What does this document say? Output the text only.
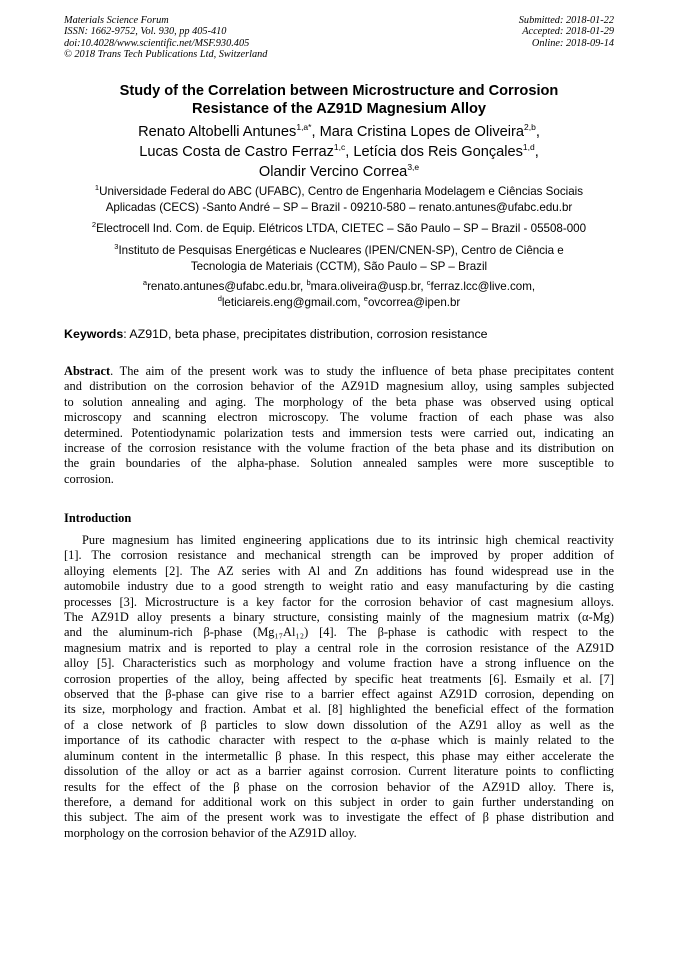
Materials Science Forum
ISSN: 1662-9752, Vol. 930, pp 405-410
doi:10.4028/www.scientific.net/MSF.930.405
© 2018 Trans Tech Publications Ltd, Switzerland
Submitted: 2018-01-22
Accepted: 2018-01-29
Online: 2018-09-14
Study of the Correlation between Microstructure and Corrosion
Resistance of the AZ91D Magnesium Alloy
Renato Altobelli Antunes$^{1,a*}$, Mara Cristina Lopes de Oliveira$^{2,b}$,
Lucas Costa de Castro Ferraz$^{1,c}$, Letícia dos Reis Gonçales$^{1,d}$,
Olandir Vercino Correa$^{3,e}$
$^1$Universidade Federal do ABC (UFABC), Centro de Engenharia Modelagem e Ciências Sociais
Aplicadas (CECS) -Santo André – SP – Brazil - 09210-580 – renato.antunes@ufabc.edu.br
$^2$Electrocell Ind. Com. de Equip. Elétricos LTDA, CIETEC – São Paulo – SP – Brazil - 05508-000
$^3$Instituto de Pesquisas Energéticas e Nucleares (IPEN/CNEN-SP), Centro de Ciência e
Tecnologia de Materiais (CCTM), São Paulo – SP – Brazil
$^a$renato.antunes@ufabc.edu.br, $^b$mara.oliveira@usp.br, $^c$ferraz.lcc@live.com,
$^d$leticiareis.eng@gmail.com, $^e$ovcorrea@ipen.br
Keywords: AZ91D, beta phase, precipitates distribution, corrosion resistance
Abstract. The aim of the present work was to study the influence of beta phase precipitates content
and distribution on the corrosion behavior of the AZ91D magnesium alloy, using samples subjected
to solution annealing and aging. The morphology of the beta phase was observed using optical
microscopy and scanning electron microscopy. The volume fraction of each phase was also
determined. Potentiodynamic polarization tests and immersion tests were carried out, indicating an
increase of the corrosion resistance with the volume fraction of the beta phase and its distribution on
the grain boundaries of the alpha-phase. Solution annealed samples were more susceptible to
corrosion.
Introduction
Pure magnesium has limited engineering applications due to its intrinsic high chemical reactivity
[1]. The corrosion resistance and mechanical strength can be improved by proper addition of
alloying elements [2]. The AZ series with Al and Zn additions has found widespread use in the
automobile industry due to a good strength to weight ratio and easy manufacturing by die casting
processes [3]. Microstructure is a key factor for the corrosion behavior of cast magnesium alloys.
The AZ91D alloy presents a binary structure, consisting mainly of the magnesium matrix (α-Mg)
and the aluminum-rich β-phase (Mg₁₇Al₁₂) [4]. The β-phase is cathodic with respect to the
magnesium matrix and is reported to play a central role in the corrosion resistance of the AZ91D
alloy [5]. Characteristics such as morphology and volume fraction have a strong influence on the
corrosion properties of the alloy, being affected by specific heat treatments [6]. Esmaily et al. [7]
observed that the β-phase can give rise to a barrier effect against AZ91D corrosion, depending on
its size, morphology and fraction. Ambat et al. [8] highlighted the beneficial effect of the formation
of a close network of β particles to slow down dissolution of the AZ91 alloy as well as the
importance of its cathodic character with respect to the α-phase which is mainly related to the
aluminum content in the intermetallic β phase. In this respect, this phase may either accelerate the
dissolution of the alloy or act as a barrier against corrosion. Current literature points to conflicting
results for the effect of the β phase on the corrosion behavior of the AZ91D alloy. There is,
therefore, a demand for additional work on this subject in order to gain further understanding on
this subject. The aim of the present work was to investigate the effect of β phase distribution and
morphology on the corrosion behavior of the AZ91D alloy.
